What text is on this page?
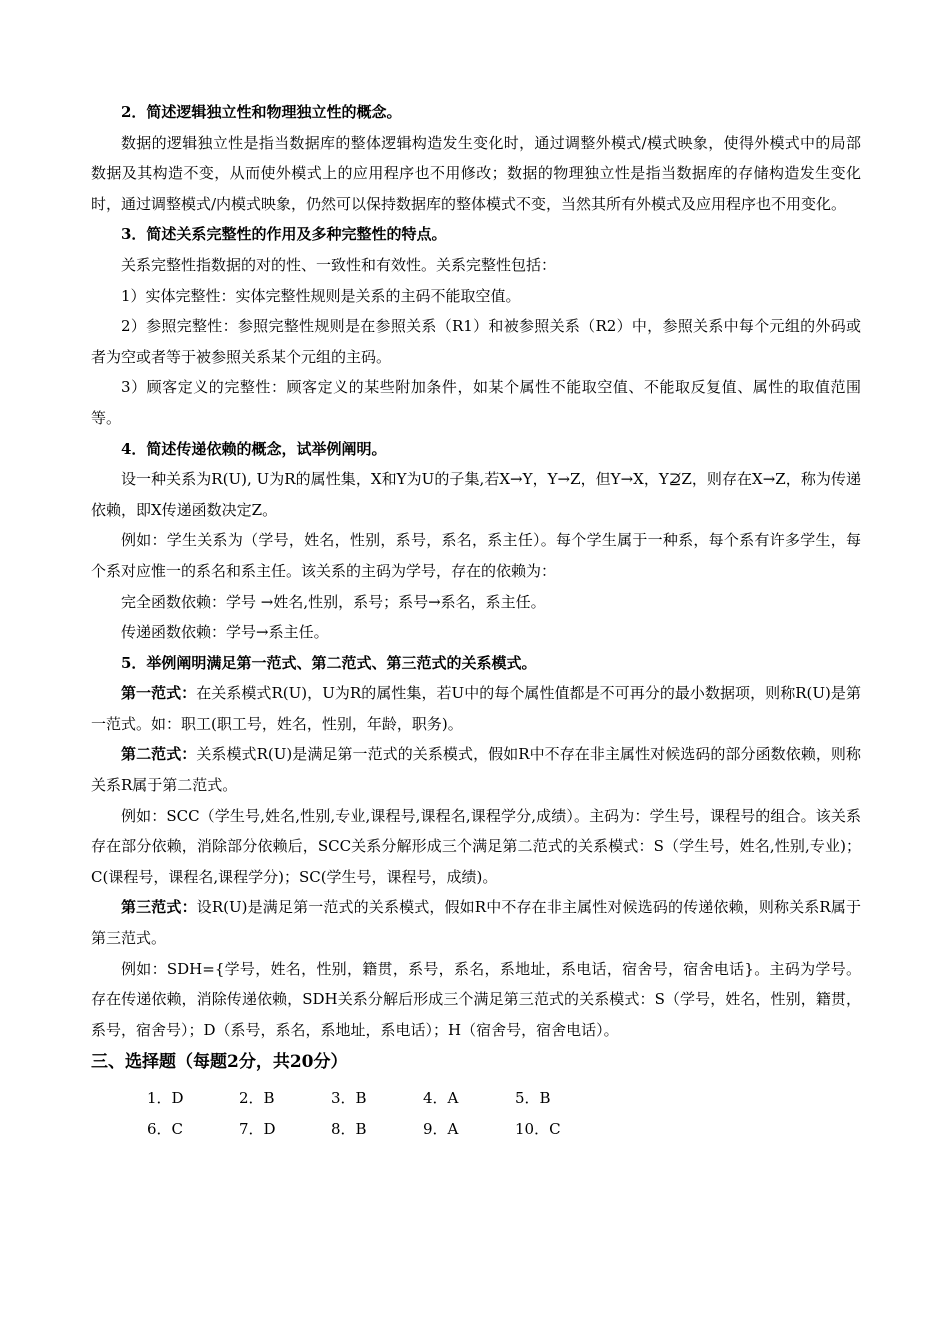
2．简述逻辑独立性和物理独立性的概念。

数据的逻辑独立性是指当数据库的整体逻辑构造发生变化时，通过调整外模式/模式映象，使得外模式中的局部数据及其构造不变，从而使外模式上的应用程序也不用修改；数据的物理独立性是指当数据库的存储构造发生变化时，通过调整模式/内模式映象，仍然可以保持数据库的整体模式不变，当然其所有外模式及应用程序也不用变化。

3．简述关系完整性的作用及多种完整性的特点。

关系完整性指数据的对的性、一致性和有效性。关系完整性包括：

1）实体完整性：实体完整性规则是关系的主码不能取空值。

2）参照完整性：参照完整性规则是在参照关系（R1）和被参照关系（R2）中，参照关系中每个元组的外码或者为空或者等于被参照关系某个元组的主码。

3）顾客定义的完整性：顾客定义的某些附加条件，如某个属性不能取空值、不能取反复值、属性的取值范围等。

4．简述传递依赖的概念，试举例阐明。

设一种关系为R(U), U为R的属性集，X和Y为U的子集,若X→Y，Y→Z，但Y→X，Y⊉Z，则存在X→Z，称为传递依赖，即X传递函数决定Z。

例如：学生关系为（学号，姓名，性别，系号，系名，系主任）。每个学生属于一种系，每个系有许多学生，每个系对应惟一的系名和系主任。该关系的主码为学号，存在的依赖为：

完全函数依赖：学号 →姓名,性别，系号；系号→系名，系主任。

传递函数依赖：学号→系主任。

5．举例阐明满足第一范式、第二范式、第三范式的关系模式。

第一范式：在关系模式R(U)，U为R的属性集，若U中的每个属性值都是不可再分的最小数据项，则称R(U)是第一范式。如：职工(职工号，姓名，性别，年龄，职务)。

第二范式：关系模式R(U)是满足第一范式的关系模式，假如R中不存在非主属性对候选码的部分函数依赖，则称关系R属于第二范式。

例如：SCC（学生号,姓名,性别,专业,课程号,课程名,课程学分,成绩）。主码为：学生号，课程号的组合。该关系存在部分依赖，消除部分依赖后，SCC关系分解形成三个满足第二范式的关系模式：S（学生号，姓名,性别,专业)；C(课程号，课程名,课程学分)；SC(学生号，课程号，成绩)。

第三范式：设R(U)是满足第一范式的关系模式，假如R中不存在非主属性对候选码的传递依赖，则称关系R属于第三范式。

例如：SDH={学号，姓名，性别，籍贯，系号，系名，系地址，系电话，宿舍号，宿舍电话}。主码为学号。存在传递依赖，消除传递依赖，SDH关系分解后形成三个满足第三范式的关系模式：S（学号，姓名，性别，籍贯，系号，宿舍号）；D（系号，系名，系地址，系电话）；H（宿舍号，宿舍电话）。

三、选择题（每题2分，共20分）

1．D	2．B	3．B	4．A	5．B
6．C	7．D	8．B	9．A	10．C
